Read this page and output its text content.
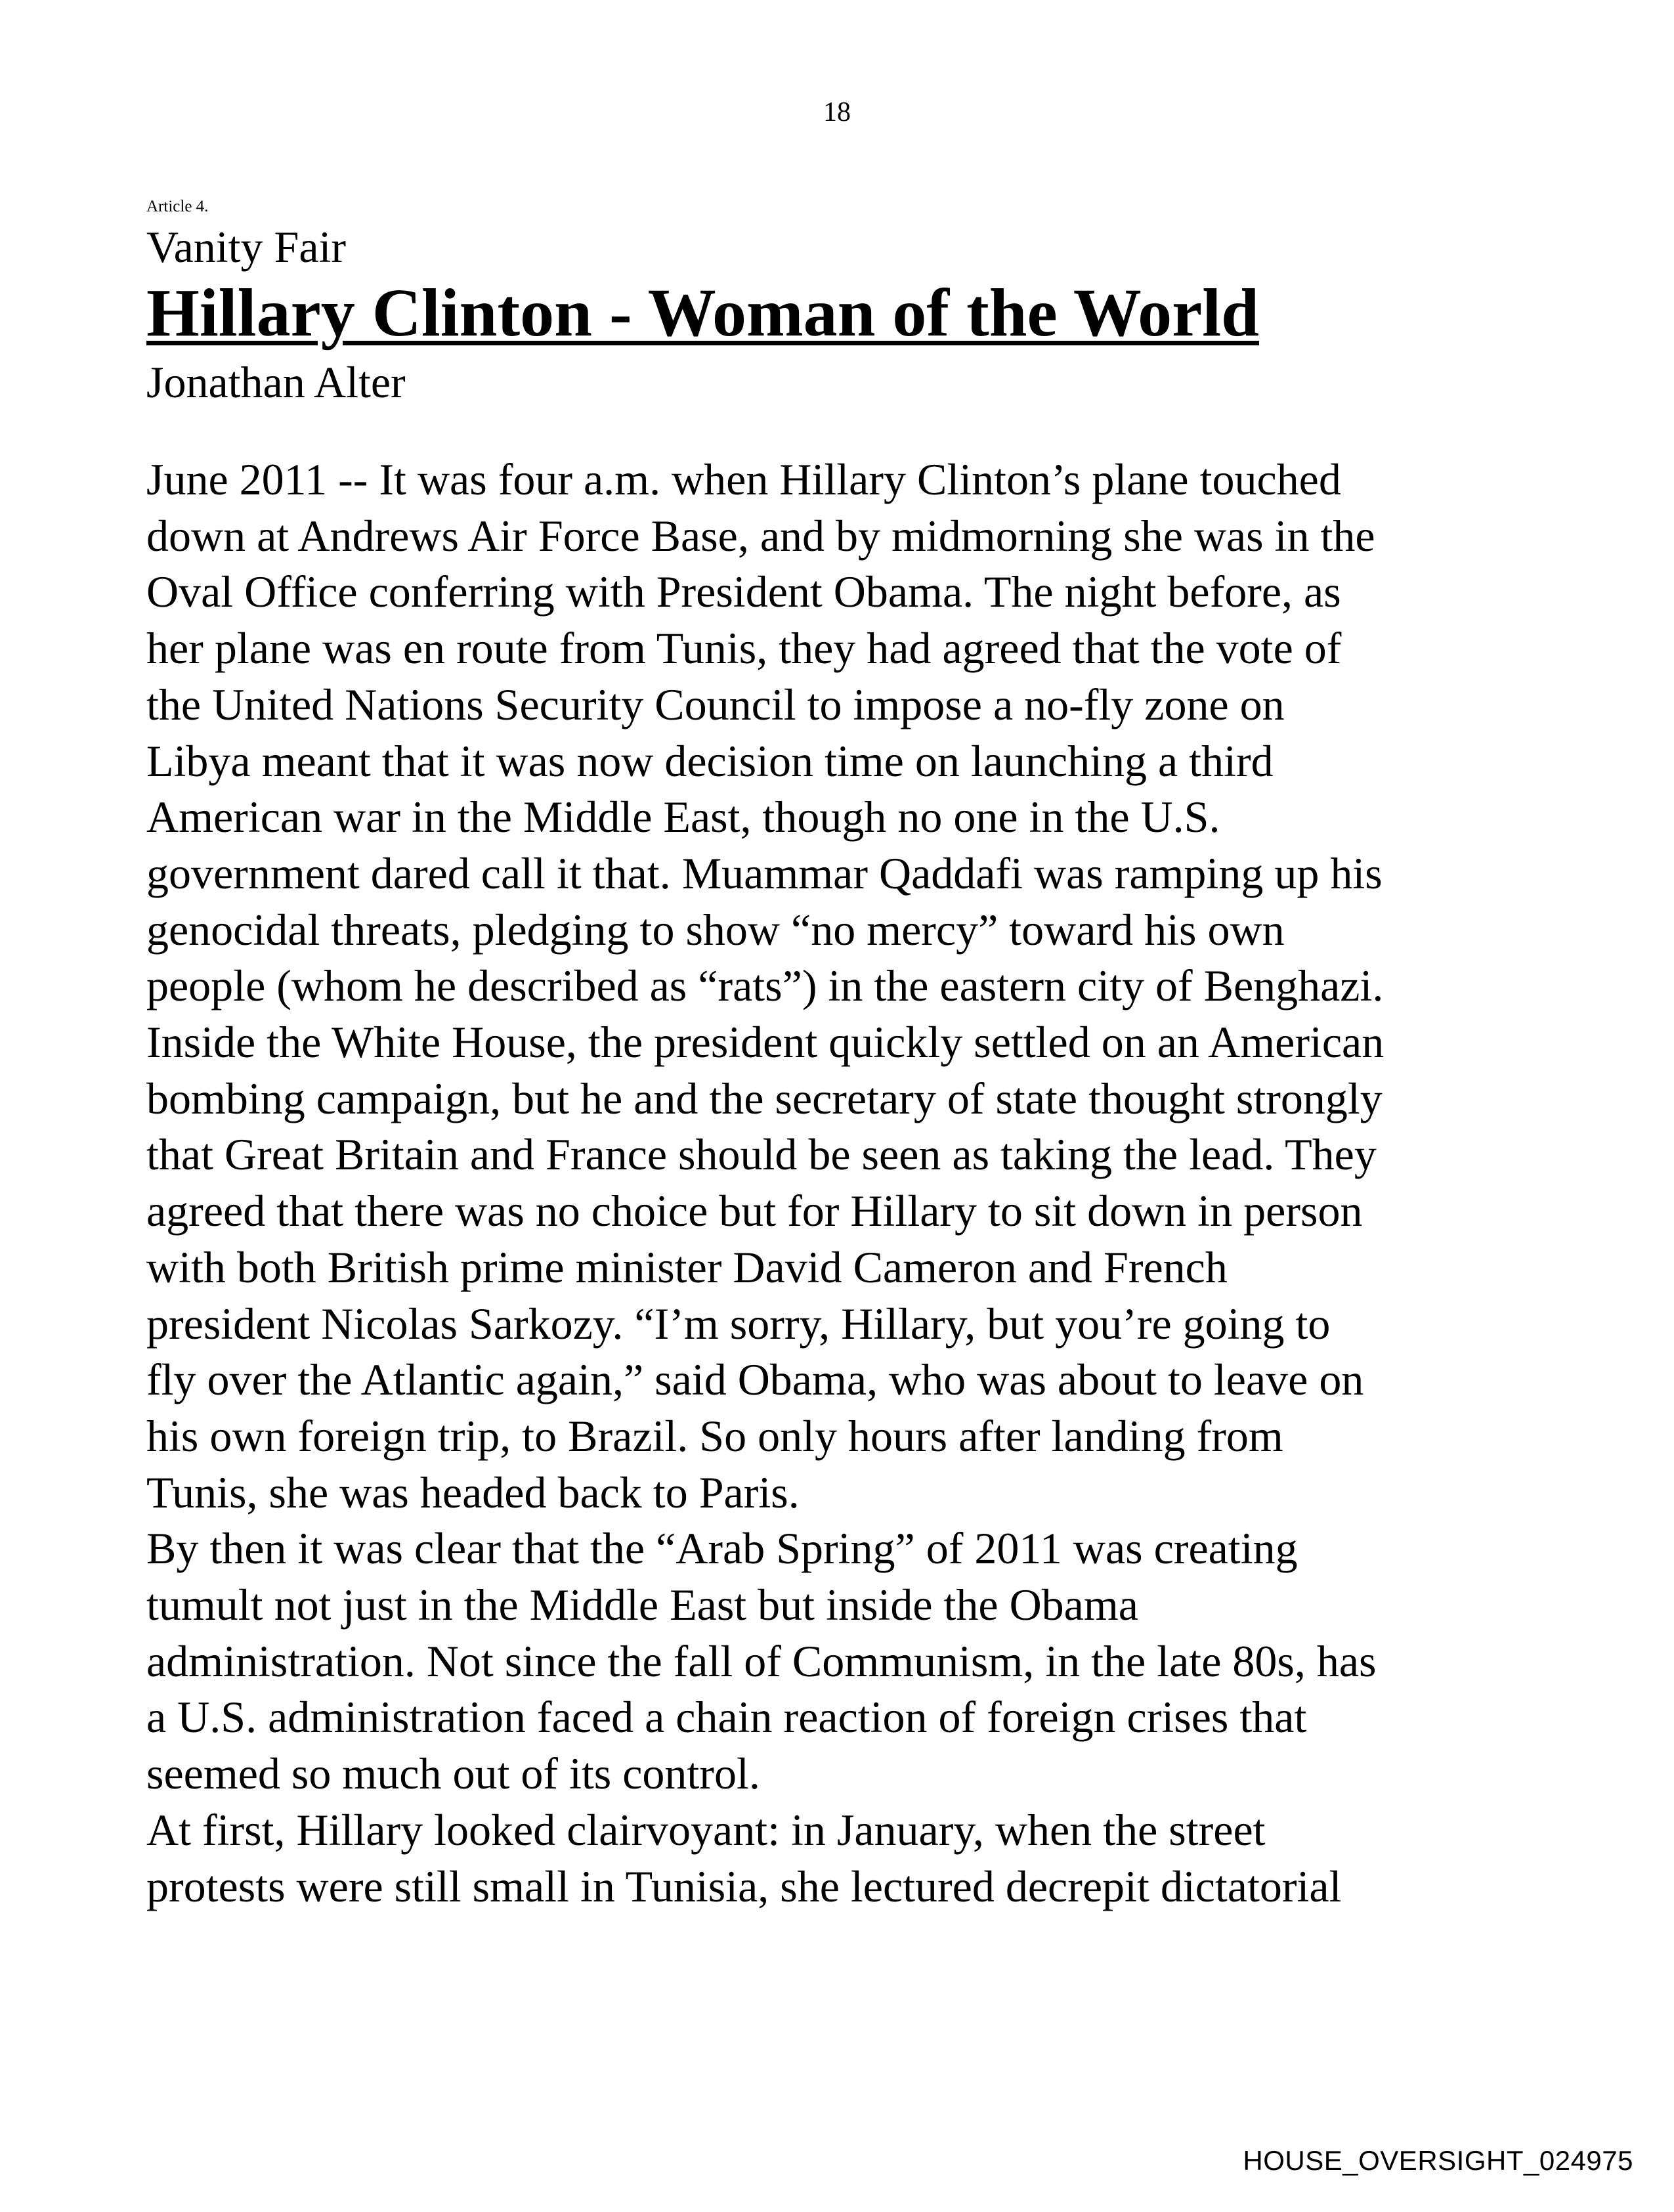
18
Article 4.
Vanity Fair
Hillary Clinton - Woman of the World
Jonathan Alter
June 2011 -- It was four a.m. when Hillary Clinton’s plane touched
down at Andrews Air Force Base, and by midmorning she was in the
Oval Office conferring with President Obama. The night before, as
her plane was en route from Tunis, they had agreed that the vote of
the United Nations Security Council to impose a no-fly zone on
Libya meant that it was now decision time on launching a third
American war in the Middle East, though no one in the U.S.
government dared call it that. Muammar Qaddafi was ramping up his
genocidal threats, pledging to show “no mercy” toward his own
people (whom he described as “rats”) in the eastern city of Benghazi.
Inside the White House, the president quickly settled on an American
bombing campaign, but he and the secretary of state thought strongly
that Great Britain and France should be seen as taking the lead. They
agreed that there was no choice but for Hillary to sit down in person
with both British prime minister David Cameron and French
president Nicolas Sarkozy. “I’m sorry, Hillary, but you’re going to
fly over the Atlantic again,” said Obama, who was about to leave on
his own foreign trip, to Brazil. So only hours after landing from
Tunis, she was headed back to Paris.
By then it was clear that the “Arab Spring” of 2011 was creating
tumult not just in the Middle East but inside the Obama
administration. Not since the fall of Communism, in the late 80s, has
a U.S. administration faced a chain reaction of foreign crises that
seemed so much out of its control.
At first, Hillary looked clairvoyant: in January, when the street
protests were still small in Tunisia, she lectured decrepit dictatorial
HOUSE_OVERSIGHT_024975
